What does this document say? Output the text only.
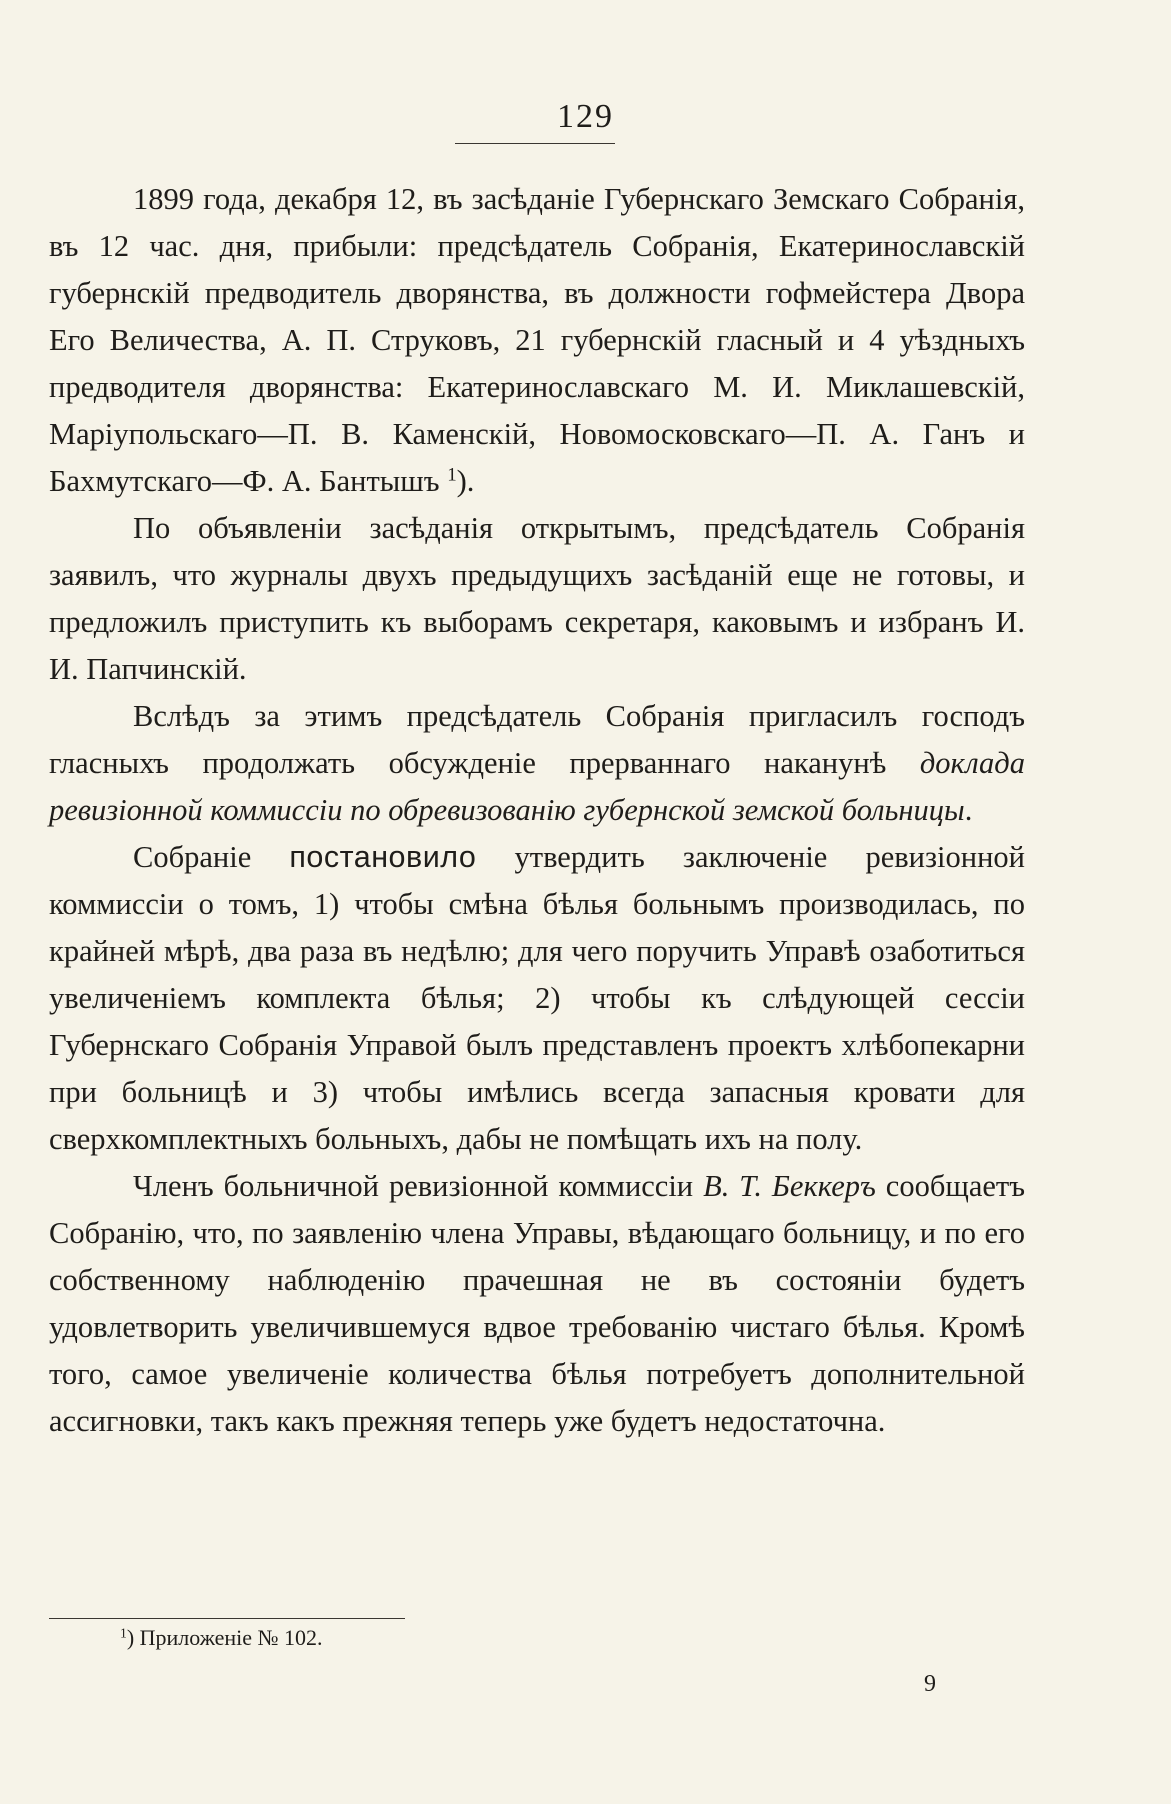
129

1899 года, декабря 12, въ засѣданіе Губернскаго Земскаго Собранія, въ 12 час. дня, прибыли: предсѣдатель Собранія, Екатеринославскій губернскій предводитель дворянства, въ должности гофмейстера Двора Его Величества, А. П. Струковъ, 21 губернскій гласный и 4 уѣздныхъ предводителя дворянства: Екатеринославскаго М. И. Миклашевскій, Маріупольскаго—П. В. Каменскій, Новомосковскаго—П. А. Ганъ и Бахмутскаго—Ф. А. Бантышъ $^1$).

По объявленіи засѣданія открытымъ, предсѣдатель Собранія заявилъ, что журналы двухъ предыдущихъ засѣданій еще не готовы, и предложилъ приступить къ выборамъ секретаря, каковымъ и избранъ И. И. Папчинскій.

Вслѣдъ за этимъ предсѣдатель Собранія пригласилъ господъ гласныхъ продолжать обсужденіе прерваннаго наканунѣ доклада ревизіонной коммиссіи по обревизованію губернской земской больницы.

Собраніе постановило утвердить заключеніе ревизіонной коммиссіи о томъ, 1) чтобы смѣна бѣлья больнымъ производилась, по крайней мѣрѣ, два раза въ недѣлю; для чего поручить Управѣ озаботиться увеличеніемъ комплекта бѣлья; 2) чтобы къ слѣдующей сессіи Губернскаго Собранія Управой былъ представленъ проектъ хлѣбопекарни при больницѣ и 3) чтобы имѣлись всегда запасныя кровати для сверхкомплектныхъ больныхъ, дабы не помѣщать ихъ на полу.

Членъ больничной ревизіонной коммиссіи В. Т. Беккеръ сообщаетъ Собранію, что, по заявленію члена Управы, вѣдающаго больницу, и по его собственному наблюденію прачешная не въ состояніи будетъ удовлетворить увеличившемуся вдвое требованію чистаго бѣлья. Кромѣ того, самое увеличеніе количества бѣлья потребуетъ дополнительной ассигновки, такъ какъ прежняя теперь уже будетъ недостаточна.

$^1$) Приложеніе № 102.
9
